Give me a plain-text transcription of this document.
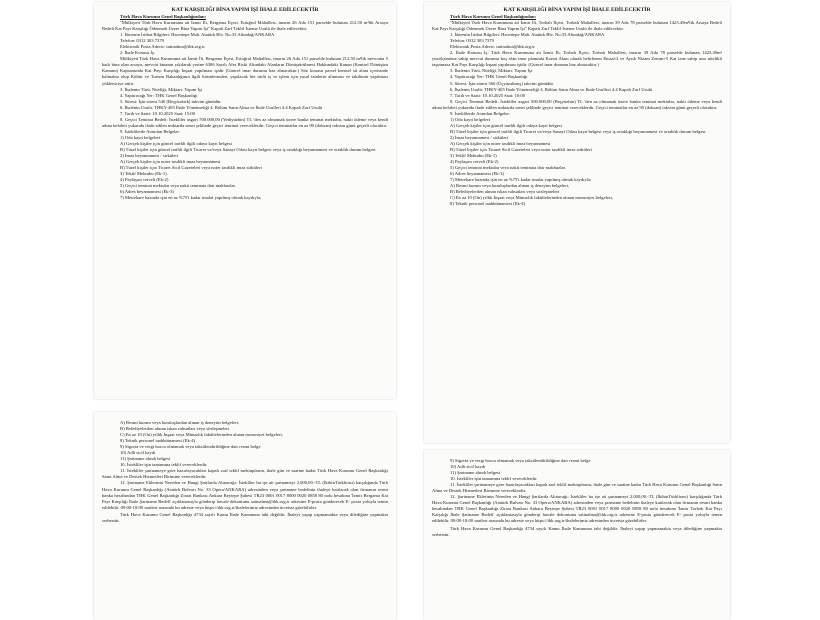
KAT KARŞILIĞI BİNA YAPIM İŞİ İHALE EDİLECEKTİR

Türk Hava Kurumu Genel Başkanlığından:

"Mülkiyeti Türk Hava Kurumuna ait İzmir İli, Bergama İlçesi, Ertuğrul Mahallesi, imarın 26 Ada 151 parselde bulunan 212,50 m²lik Arsaya Bedeli Kat Payı Karşılığı Ödenmek Üzere Bina Yapım İşi" Kapalı Zarf Teklif İsteme Usulü ile ihale edilecektir.

1. İdarenin İrtibat Bilgileri: Hacettepe Mah. Atatürk Blv. No:33 Altındağ/ANKARA

Telefon: 0312 303 7379

Elektronik Posta Adresi: satinalma@thk.org.tr

2. İhale Konusu İş:

Mülkiyeti Türk Hava Kurumuna ait İzmir İli, Bergama İlçesi, Ertuğrul Mahallesi, imarın 26 Ada 151 parselde bulunan 212,50 m²lik mevcutta 5 katlı bina olan arsaya, mevcut binanın yıkılarak yerine 6306 Sayılı Afet Riski Altındaki Alanların Dönüştürülmesi Hakkındaki Kanun (Kentsel Dönüşüm Kanunu) Kapsamında Kat Payı Karşılığı İnşaat yapılması işidir (Güncel imar durumu baz alınacaktır.) Söz konusu parsel kentsel sit alanı içerisinde kalmakta olup Kültür ve Turizm Bakanlığının ilgili birimlerinden, yapılacak her türlü iş ve işlem için yasal izinlerin alınması ve takibinin yapılması yükleniciye aittir.

3. İhalenin Türü, Niteliği, Miktarı: Yapım İşi

4. Yaptıracağı Yer: THK Genel Başkanlığı

5. Süresi: İşin süresi 540 (Beşyüzkırk) takvim günüdür.

6. İhalenin Usulü: THKY-405 İhale Yönetmeliği 4. Bölüm Satın Alma ve İhale Usulleri 4.4 Kapalı Zarf Usulü

7. Tarih ve Saati: 10.10.2025 Saat: 15:00

8. Geçici Teminat Bedeli: İstekliler asgari 700.000,00 (Yediyüzbin) TL 'den az olmamak üzere banka teminat mektubu, nakit ödeme veya kendi adına kefaleti yukarıda ifade edilen miktarda senet şeklinde geçici teminat vereceklerdir. Geçici teminatlar en az 90 (doksan) takvim günü geçerli olacaktır.

9. İsteklilerde Aranılan Belgeler:

1) Oda kayıt belgeleri

A) Gerçek kişiler için güncel tarihli ilgili odaya kayıt belgesi

B) Tüzel kişiler için güncel tarihli ilgili Ticaret ve/veya Sanayi Odası kayıt belgesi veya iş ortaklığı beyannamesi ve ortaklık durum belgesi

2) İmza beyannamesi / sirküleri

A) Gerçek kişiler için noter tasdikli imza beyannamesi

B) Tüzel kişiler için Ticaret Sicil Gazeteleri veya noter tasdikli imza sirküleri

3) Teklif Mektubu (Ek-1)

4) Paylaşım cetveli (Ek-2)

5) Geçici teminat mektubu veya nakit teminata dair makbuzlar.

6) Adres beyannamesi (Ek-3)

7) Metrekare bazında işin en az %75'i kadar imalat yapılmış olmak kaydıyla;

A) Resmi kurum veya kuruluşlardan alınan iş deneyim belgeleri,

B) Belediyelerden alınan iskan ruhsatları veya sözleşmeleri

C) En az 10 (On) yıllık İnşaat veya Mimarlık fakültelerinden alınan mezuniyet belgeleri,

8) Teknik personel taahhütnamesi (Ek-4)

9) Sigorta ve vergi borcu olmamak veya taksitlendirildiğine dair resmi belge

10) Adli sicil kaydı

11) Şartname alındı belgesi

10. İstekliler işin tamamına teklif vereceklerdir.

11. İstekliler şartnameye göre hazırlayacakları kapalı zarf teklif mektuplarını, ihale gün ve saatine kadar Türk Hava Kurumu Genel Başkanlığı Satın Alma ve Destek Hizmetleri Birimine vereceklerdir.

12. Şartname Eklerinin Nereden ve Hangi Şartlarda Alınacağı: İstekliler bu işe ait şartnameyi 2.000,00.-TL (İkibinTürklirası) karşılığında Türk Hava Kurumu Genel Başkanlığı (Atatürk Bulvarı No. 33 Opera/ANKARA) adresinden veya şartname bedelinin ihaleye katılacak olan firmanın resmi banka hesabından THK Genel Başkanlığı Ziraat Bankası Ankara Beytepe Şubesi TR23 0001 0017 8000 0020 0858 80 nolu hesabına 'İzmir Bergama Kat Payı Karşılığı İhale Şartname Bedeli' açıklamasıyla gönderip havale dekontunu satinalma@thk.org.tr adresine E-posta gönderecek E- posta yoluyla temin edilebilir. 09:00-18:00 saatleri arasında bu adreste veya https://thk.org.tr/ihalelerimiz adresinden ücretsiz görebilirler.

Türk Hava Kurumu Genel Başkanlığı 4734 sayılı Kamu İhale Kanununa tabi değildir. İhaleyi yapıp yapmamakta veya dilediğine yapmakta serbesttir.

KAT KARŞILIĞI BİNA YAPIM İŞİ İHALE EDİLECEKTİR

Türk Hava Kurumu Genel Başkanlığından:

"Mülkiyeti Türk Hava Kurumuna ait İzmir İli, Torbalı İlçesi, Torbalı Mahallesi, imarın 39 Ada 78 parselde bulunan 1423.49m²lik Arsaya Bedeli Kat Payı Karşılığı Ödenmek Üzere Bina Yapım İşi" Kapalı Zarf Teklif İsteme Usulü ile ihale edilecektir.

1. İdarenin İrtibat Bilgileri: Hacettepe Mah. Atatürk Blv. No:33 Altındağ/ANKARA

Telefon: 0312 303 7379

Elektronik Posta Adresi: satinalma@thk.org.tr

2. İhale Konusu İş: Türk Hava Kurumuna ait İzmir İli, Torbalı İlçesi, Torbalı Mahallesi, imarın 39 Ada 78 parselde bulunan 1423.49m² yüzölçümüne sahip mevcut durumu boş olan imar planında Konut Alanı olarak belirlenen Emsal:2 ve Ayrık Nizam Zemin+5 Kat izne sahip arsa nitelikli taşınmaza Kat Payı Karşılığı İnşaat yapılması işidir. (Güncel imar durumu baz alınacaktır.)

3. İhalenin Türü, Niteliği, Miktarı: Yapım İşi

4. Yaptıracağı Yer: THK Genel Başkanlığı

5. Süresi: İşin süresi 360 (Üçyüzaltmış) takvim günüdür.

6. İhalenin Usulü: THKY-405 İhale Yönetmeliği 4. Bölüm Satın Alma ve İhale Usulleri 4.4 Kapalı Zarf Usulü

7. Tarih ve Saati: 10.10.2025 Saat: 10:00

8. Geçici Teminat Bedeli: İstekliler asgari 500.000,00 (Beşyüzbin) TL 'den az olmamak üzere banka teminat mektubu, nakit ödeme veya kendi adına kefaleti yukarıda ifade edilen miktarda senet şeklinde geçici teminat vereceklerdir. Geçici teminatlar en az 90 (doksan) takvim günü geçerli olacaktır.

9. İsteklilerde Aranılan Belgeler:

1) Oda kayıt belgeleri

A) Gerçek kişiler için güncel tarihli ilgili odaya kayıt belgesi

B) Tüzel kişiler için güncel tarihli ilgili Ticaret ve/veya Sanayi Odası kayıt belgesi veya iş ortaklığı beyannamesi ve ortaklık durum belgesi

2) İmza beyannamesi / sirküleri

A) Gerçek kişiler için noter tasdikli imza beyannamesi

B) Tüzel kişiler için Ticaret Sicil Gazeteleri veya noter tasdikli imza sirküleri

3) Teklif Mektubu (Ek-1)

4) Paylaşım cetveli (Ek-2)

5) Geçici teminat mektubu veya nakit teminata dair makbuzlar.

6) Adres beyannamesi (Ek-3)

7) Metrekare bazında işin en az %75'i kadar imalat yapılmış olmak kaydıyla;

A) Resmi kurum veya kuruluşlardan alınan iş deneyim belgeleri,

B) Belediyelerden alınan iskan ruhsatları veya sözleşmeleri

C) En az 10 (On) yıllık İnşaat veya Mimarlık fakültelerinden alınan mezuniyet belgeleri,

8) Teknik personel taahhütnamesi (Ek-4)

9) Sigorta ve vergi borcu olmamak veya taksitlendirildiğine dair resmi belge

10) Adli sicil kaydı

11) Şartname alındı belgesi

10. İstekliler işin tamamına teklif vereceklerdir.

11. İstekliler şartnameye göre hazırlayacakları kapalı zarf teklif mektuplarını, ihale gün ve saatine kadar Türk Hava Kurumu Genel Başkanlığı Satın Alma ve Destek Hizmetleri Birimine vereceklerdir.

12. Şartname Eklerinin Nereden ve Hangi Şartlarda Alınacağı: İstekliler bu işe ait şartnameyi 2.000,00.-TL (İkibinTürklirası) karşılığında Türk Hava Kurumu Genel Başkanlığı (Atatürk Bulvarı No. 33 Opera/ANKARA) adresinden veya şartname bedelinin ihaleye katılacak olan firmanın resmi banka hesabından THK Genel Başkanlığı Ziraat Bankası Ankara Beytepe Şubesi TR23 0001 0017 8000 0020 0858 80 nolu hesabına 'İzmir Torbalı Kat Payı Karşılığı İhale Şartname Bedeli' açıklamasıyla gönderip havale dekontunu satinalma@thk.org.tr adresine E-posta gönderecek E- posta yoluyla temin edilebilir. 09:00-18:00 saatleri arasında bu adreste veya https://thk.org.tr/ihalelerimiz adresinden ücretsiz görebilirler.

Türk Hava Kurumu Genel Başkanlığı 4734 sayılı Kamu İhale Kanununa tabi değildir. İhaleyi yapıp yapmamakta veya dilediğine yapmakta serbesttir.
